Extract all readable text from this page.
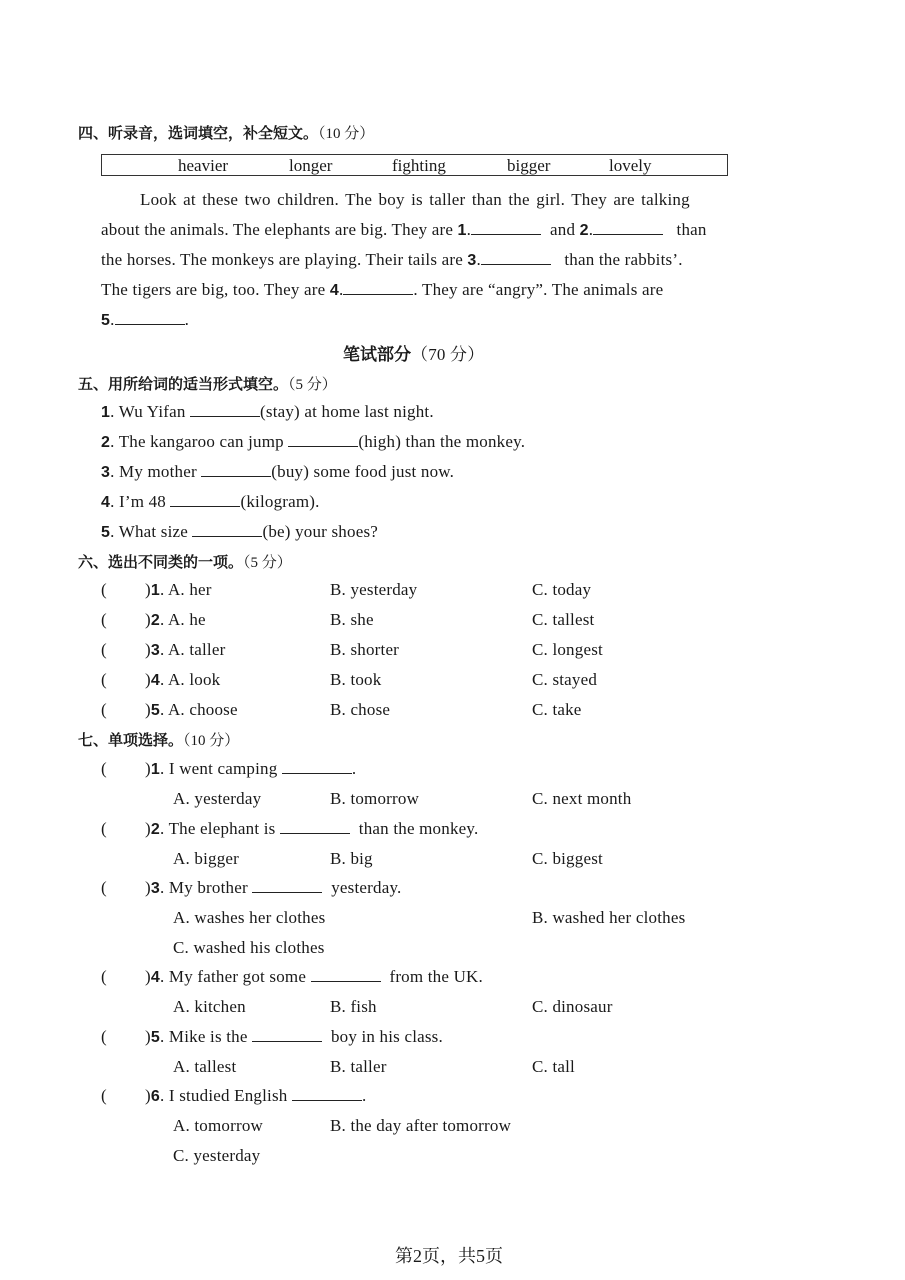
四、听录音，选词填空，补全短文。（10 分）
heavier	longer	fighting	bigger	lovely
Look at these two children. The boy is taller than the girl. They are talking
about the animals. The elephants are big. They are 1.	and 2.	than
the horses. The monkeys are playing. Their tails are 3.	than the rabbits’.
The tigers are big, too. They are 4.	. They are “angry”. The animals are
5.	.
笔试部分（70 分）
五、用所给词的适当形式填空。（5 分）
1. Wu Yifan	(stay) at home last night.
2. The kangaroo can jump	(high) than the monkey.
3. My mother	(buy) some food just now.
4. I’m 48	(kilogram).
5. What size	(be) your shoes?
六、选出不同类的一项。（5 分）
( )1. A. her	B. yesterday	C. today
( )2. A. he	B. she	C. tallest
( )3. A. taller	B. shorter	C. longest
( )4. A. look	B. took	C. stayed
( )5. A. choose	B. chose	C. take
七、单项选择。（10 分）
( )1. I went camping	.
A. yesterday	B. tomorrow	C. next month
( )2. The elephant is	than the monkey.
A. bigger	B. big	C. biggest
( )3. My brother	yesterday.
A. washes her clothes	B. washed her clothes
C. washed his clothes
( )4. My father got some	from the UK.
A. kitchen	B. fish	C. dinosaur
( )5. Mike is the	boy in his class.
A. tallest	B. taller	C. tall
( )6. I studied English	.
A. tomorrow	B. the day after tomorrow
C. yesterday
第2页，共5页
